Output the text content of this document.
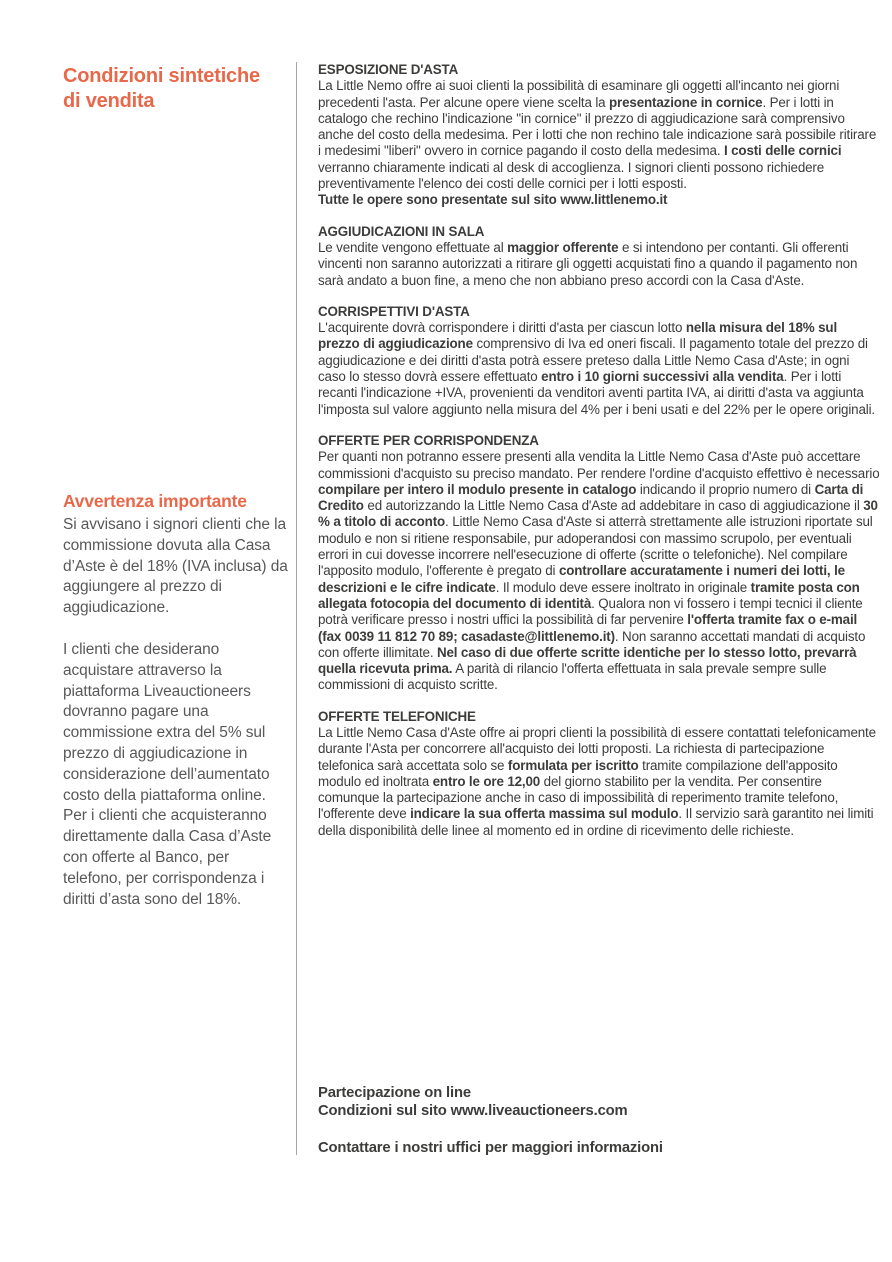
Condizioni sintetiche
di vendita
Avvertenza importante

Si avvisano i signori clienti che la commissione dovuta alla Casa d’Aste è del 18% (IVA inclusa) da aggiungere al prezzo di aggiudicazione.

I clienti che desiderano acquistare attraverso la piattaforma Liveauctioneers dovranno pagare una commissione extra del 5% sul prezzo di aggiudicazione in considerazione dell’aumentato costo della piattaforma online.

Per i clienti che acquisteranno direttamente dalla Casa d’Aste con offerte al Banco, per telefono, per corrispondenza i diritti d’asta sono del 18%.

ESPOSIZIONE D'ASTA

La Little Nemo offre ai suoi clienti la possibilità di esaminare gli oggetti all'incanto nei giorni precedenti l'asta. Per alcune opere viene scelta la presentazione in cornice. Per i lotti in catalogo che rechino l'indicazione "in cornice" il prezzo di aggiudicazione sarà comprensivo anche del costo della medesima. Per i lotti che non rechino tale indicazione sarà possibile ritirare i medesimi "liberi" ovvero in cornice pagando il costo della medesima. I costi delle cornici verranno chiaramente indicati al desk di accoglienza. I signori clienti possono richiedere preventivamente l'elenco dei costi delle cornici per i lotti esposti.
Tutte le opere sono presentate sul sito www.littlenemo.it

AGGIUDICAZIONI IN SALA

Le vendite vengono effettuate al maggior offerente e si intendono per contanti. Gli offerenti vincenti non saranno autorizzati a ritirare gli oggetti acquistati fino a quando il pagamento non sarà andato a buon fine, a meno che non abbiano preso accordi con la Casa d'Aste.

CORRISPETTIVI D'ASTA

L'acquirente dovrà corrispondere i diritti d'asta per ciascun lotto nella misura del 18% sul prezzo di aggiudicazione comprensivo di Iva ed oneri fiscali. Il pagamento totale del prezzo di aggiudicazione e dei diritti d'asta potrà essere preteso dalla Little Nemo Casa d'Aste; in ogni caso lo stesso dovrà essere effettuato entro i 10 giorni successivi alla vendita. Per i lotti recanti l'indicazione +IVA, provenienti da venditori aventi partita IVA, ai diritti d'asta va aggiunta l'imposta sul valore aggiunto nella misura del 4% per i beni usati e del 22% per le opere originali.

OFFERTE PER CORRISPONDENZA

Per quanti non potranno essere presenti alla vendita la Little Nemo Casa d'Aste può accettare commissioni d'acquisto su preciso mandato. Per rendere l'ordine d'acquisto effettivo è necessario compilare per intero il modulo presente in catalogo indicando il proprio numero di Carta di Credito ed autorizzando la Little Nemo Casa d'Aste ad addebitare in caso di aggiudicazione il 30 % a titolo di acconto. Little Nemo Casa d'Aste si atterrà strettamente alle istruzioni riportate sul modulo e non si ritiene responsabile, pur adoperandosi con massimo scrupolo, per eventuali errori in cui dovesse incorrere nell'esecuzione di offerte (scritte o telefoniche). Nel compilare l'apposito modulo, l'offerente è pregato di controllare accuratamente i numeri dei lotti, le descrizioni e le cifre indicate. Il modulo deve essere inoltrato in originale tramite posta con allegata fotocopia del documento di identità. Qualora non vi fossero i tempi tecnici il cliente potrà verificare presso i nostri uffici la possibilità di far pervenire l'offerta tramite fax o e-mail (fax 0039 11 812 70 89; casadaste@littlenemo.it). Non saranno accettati mandati di acquisto con offerte illimitate. Nel caso di due offerte scritte identiche per lo stesso lotto, prevarrà quella ricevuta prima. A parità di rilancio l'offerta effettuata in sala prevale sempre sulle commissioni di acquisto scritte.

OFFERTE TELEFONICHE

La Little Nemo Casa d'Aste offre ai propri clienti la possibilità di essere contattati telefonicamente durante l'Asta per concorrere all'acquisto dei lotti proposti. La richiesta di partecipazione telefonica sarà accettata solo se formulata per iscritto tramite compilazione dell'apposito modulo ed inoltrata entro le ore 12,00 del giorno stabilito per la vendita. Per consentire comunque la partecipazione anche in caso di impossibilità di reperimento tramite telefono, l'offerente deve indicare la sua offerta massima sul modulo. Il servizio sarà garantito nei limiti della disponibilità delle linee al momento ed in ordine di ricevimento delle richieste.

Partecipazione on line
Condizioni sul sito www.liveauctioneers.com
Contattare i nostri uffici per maggiori informazioni
